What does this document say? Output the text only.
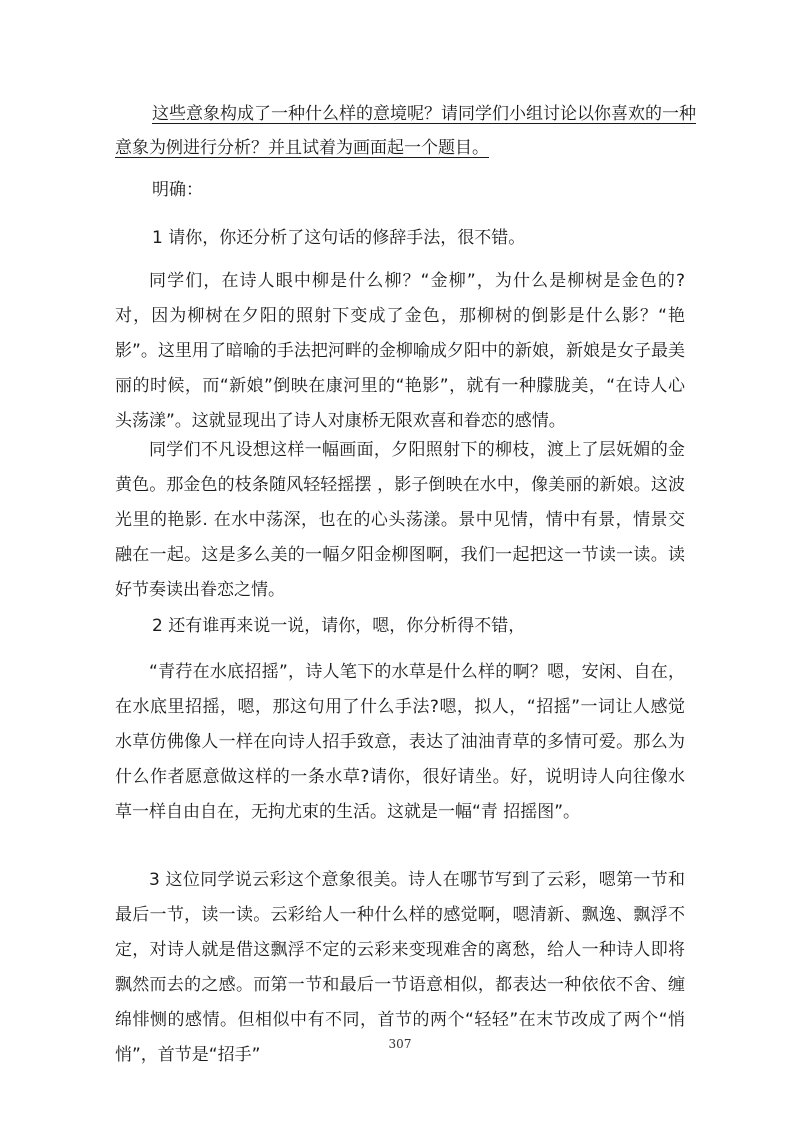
这些意象构成了一种什么样的意境呢？请同学们小组讨论以你喜欢的一种
意象为例进行分析？并且试着为画面起一个题目。
明确：
1 请你，你还分析了这句话的修辞手法，很不错。
同学们，在诗人眼中柳是什么柳？“金柳”，为什么是柳树是金色的?对，因为柳树在夕阳的照射下变成了金色，那柳树的倒影是什么影？“艳影”。这里用了暗喻的手法把河畔的金柳喻成夕阳中的新娘，新娘是女子最美丽的时候，而“新娘”倒映在康河里的“艳影”，就有一种朦胧美，“在诗人心头荡漾”。这就显现出了诗人对康桥无限欢喜和眷恋的感情。
同学们不凡设想这样一幅画面，夕阳照射下的柳枝，渡上了层妩媚的金黄色。那金色的枝条随风轻轻摇摆 ，影子倒映在水中，像美丽的新娘。这波光里的艳影. 在水中荡深，也在的心头荡漾。景中见情，情中有景，情景交融在一起。这是多么美的一幅夕阳金柳图啊，我们一起把这一节读一读。读好节奏读出眷恋之情。
2 还有谁再来说一说，请你，嗯，你分析得不错，
“青荇在水底招摇”，诗人笔下的水草是什么样的啊？嗯，安闲、自在，在水底里招摇，嗯，那这句用了什么手法?嗯，拟人，“招摇”一词让人感觉水草仿佛像人一样在向诗人招手致意，表达了油油青草的多情可爱。那么为什么作者愿意做这样的一条水草?请你，很好请坐。好，说明诗人向往像水草一样自由自在，无拘尤束的生活。这就是一幅“青 招摇图”。
3 这位同学说云彩这个意象很美。诗人在哪节写到了云彩，嗯第一节和最后一节，读一读。云彩给人一种什么样的感觉啊，嗯清新、飘逸、飘浮不定，对诗人就是借这飘浮不定的云彩来变现难舍的离愁，给人一种诗人即将飘然而去的之感。而第一节和最后一节语意相似，都表达一种依依不舍、缠绵悱恻的感情。但相似中有不同，首节的两个“轻轻”在末节改成了两个“悄悄”，首节是“招手”
307
